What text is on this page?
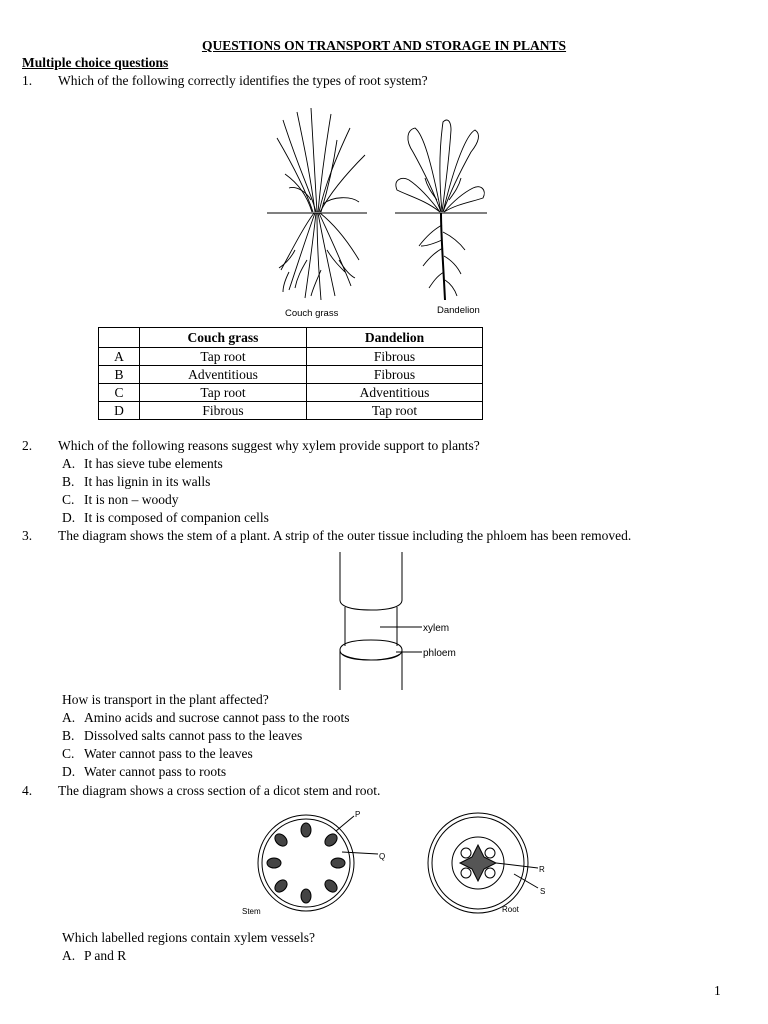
QUESTIONS ON TRANSPORT AND STORAGE IN PLANTS
Multiple choice questions
1. Which of the following correctly identifies the types of root system?
Couch grass	Dandelion
	Couch grass	Dandelion
A	Tap root	Fibrous
B	Adventitious	Fibrous
C	Tap root	Adventitious
D	Fibrous	Tap root
2. Which of the following reasons suggest why xylem provide support to plants?
A. It has sieve tube elements
B. It has lignin in its walls
C. It is non – woody
D. It is composed of companion cells
3. The diagram shows the stem of a plant. A strip of the outer tissue including the phloem has been removed.
xylem
phloem
How is transport in the plant affected?
A. Amino acids and sucrose cannot pass to the roots
B. Dissolved salts cannot pass to the leaves
C. Water cannot pass to the leaves
D. Water cannot pass to roots
4. The diagram shows a cross section of a dicot stem and root.
P
Q
R
S
Stem	Root
Which labelled regions contain xylem vessels?
A. P and R
1
